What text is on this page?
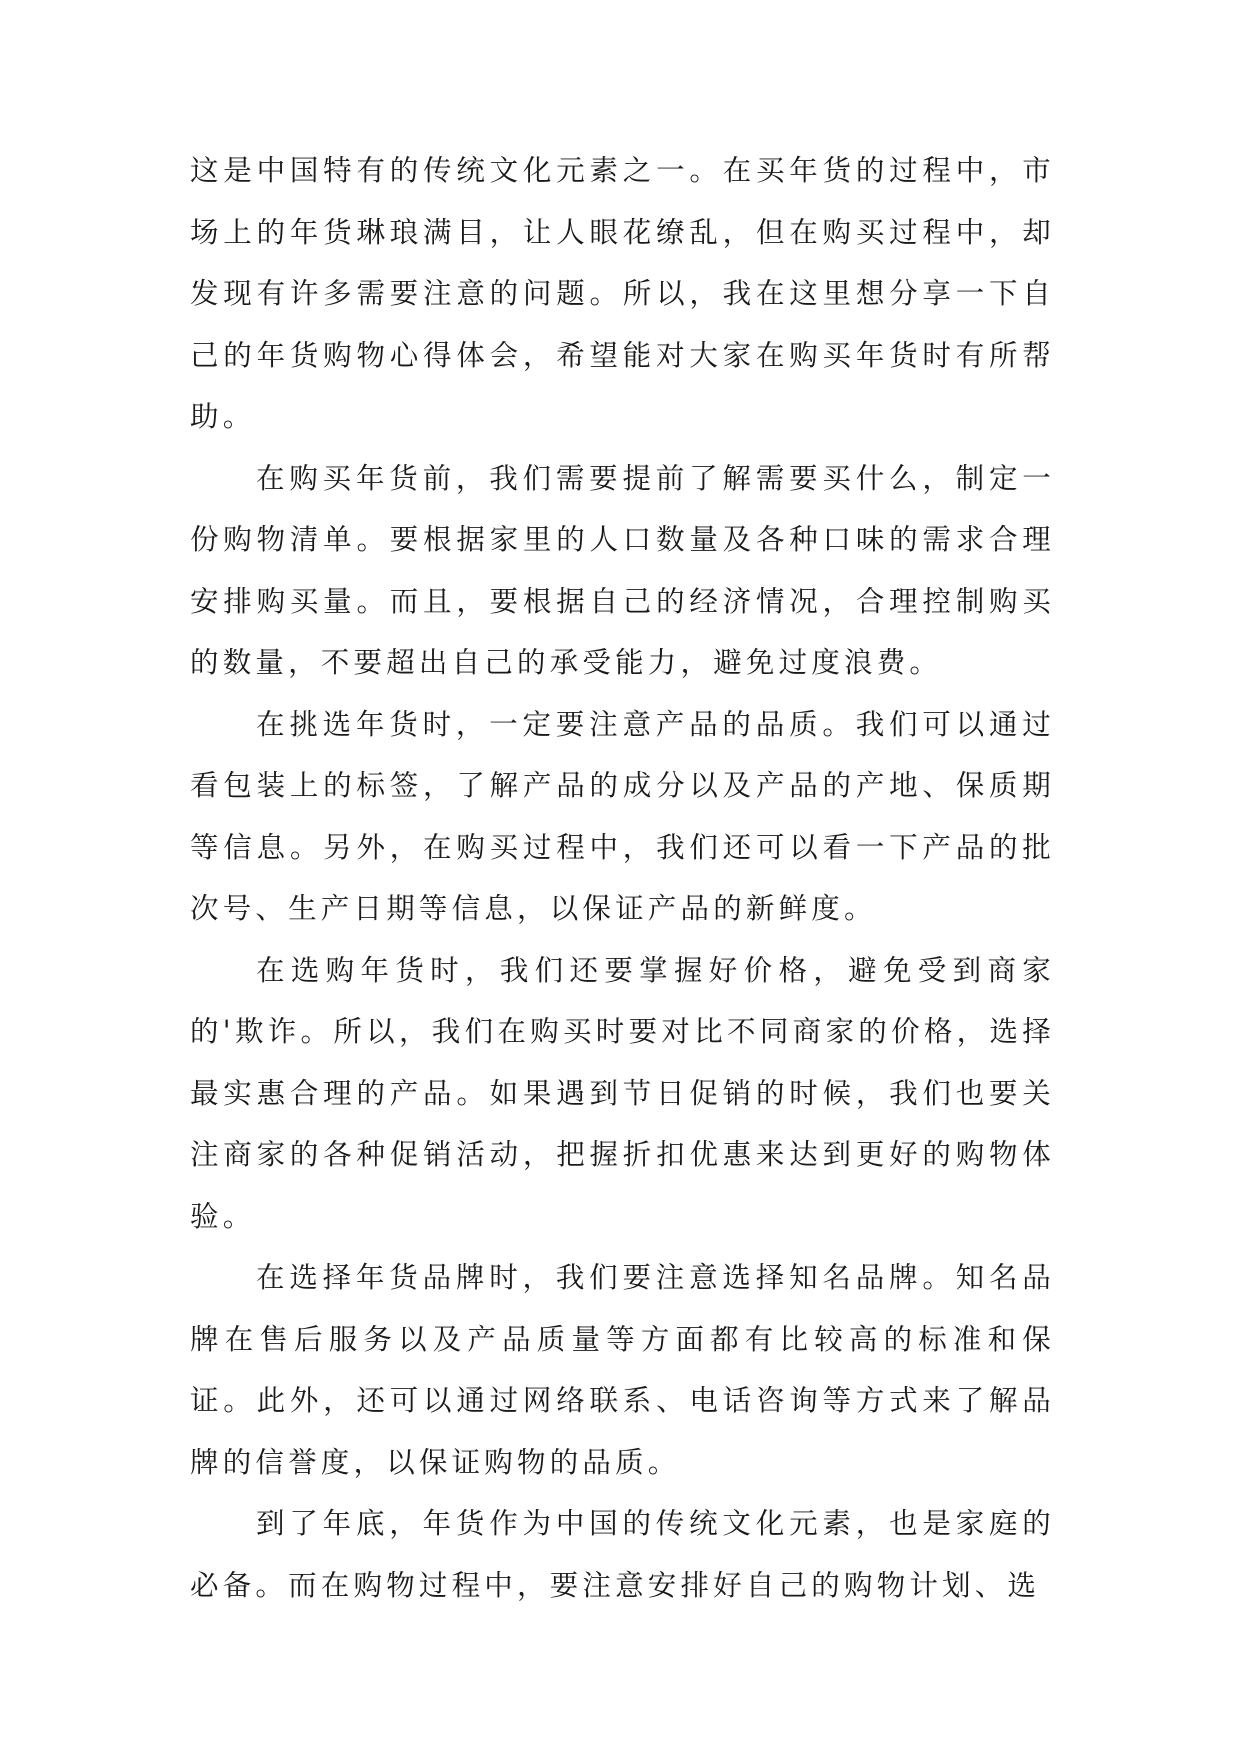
这是中国特有的传统文化元素之一。在买年货的过程中，市场上的年货琳琅满目，让人眼花缭乱，但在购买过程中，却发现有许多需要注意的问题。所以，我在这里想分享一下自己的年货购物心得体会，希望能对大家在购买年货时有所帮助。

在购买年货前，我们需要提前了解需要买什么，制定一份购物清单。要根据家里的人口数量及各种口味的需求合理安排购买量。而且，要根据自己的经济情况，合理控制购买的数量，不要超出自己的承受能力，避免过度浪费。

在挑选年货时，一定要注意产品的品质。我们可以通过看包装上的标签，了解产品的成分以及产品的产地、保质期等信息。另外，在购买过程中，我们还可以看一下产品的批次号、生产日期等信息，以保证产品的新鲜度。

在选购年货时，我们还要掌握好价格，避免受到商家的'欺诈。所以，我们在购买时要对比不同商家的价格，选择最实惠合理的产品。如果遇到节日促销的时候，我们也要关注商家的各种促销活动，把握折扣优惠来达到更好的购物体验。

在选择年货品牌时，我们要注意选择知名品牌。知名品牌在售后服务以及产品质量等方面都有比较高的标准和保证。此外，还可以通过网络联系、电话咨询等方式来了解品牌的信誉度，以保证购物的品质。

到了年底，年货作为中国的传统文化元素，也是家庭的必备。而在购物过程中，要注意安排好自己的购物计划、选
